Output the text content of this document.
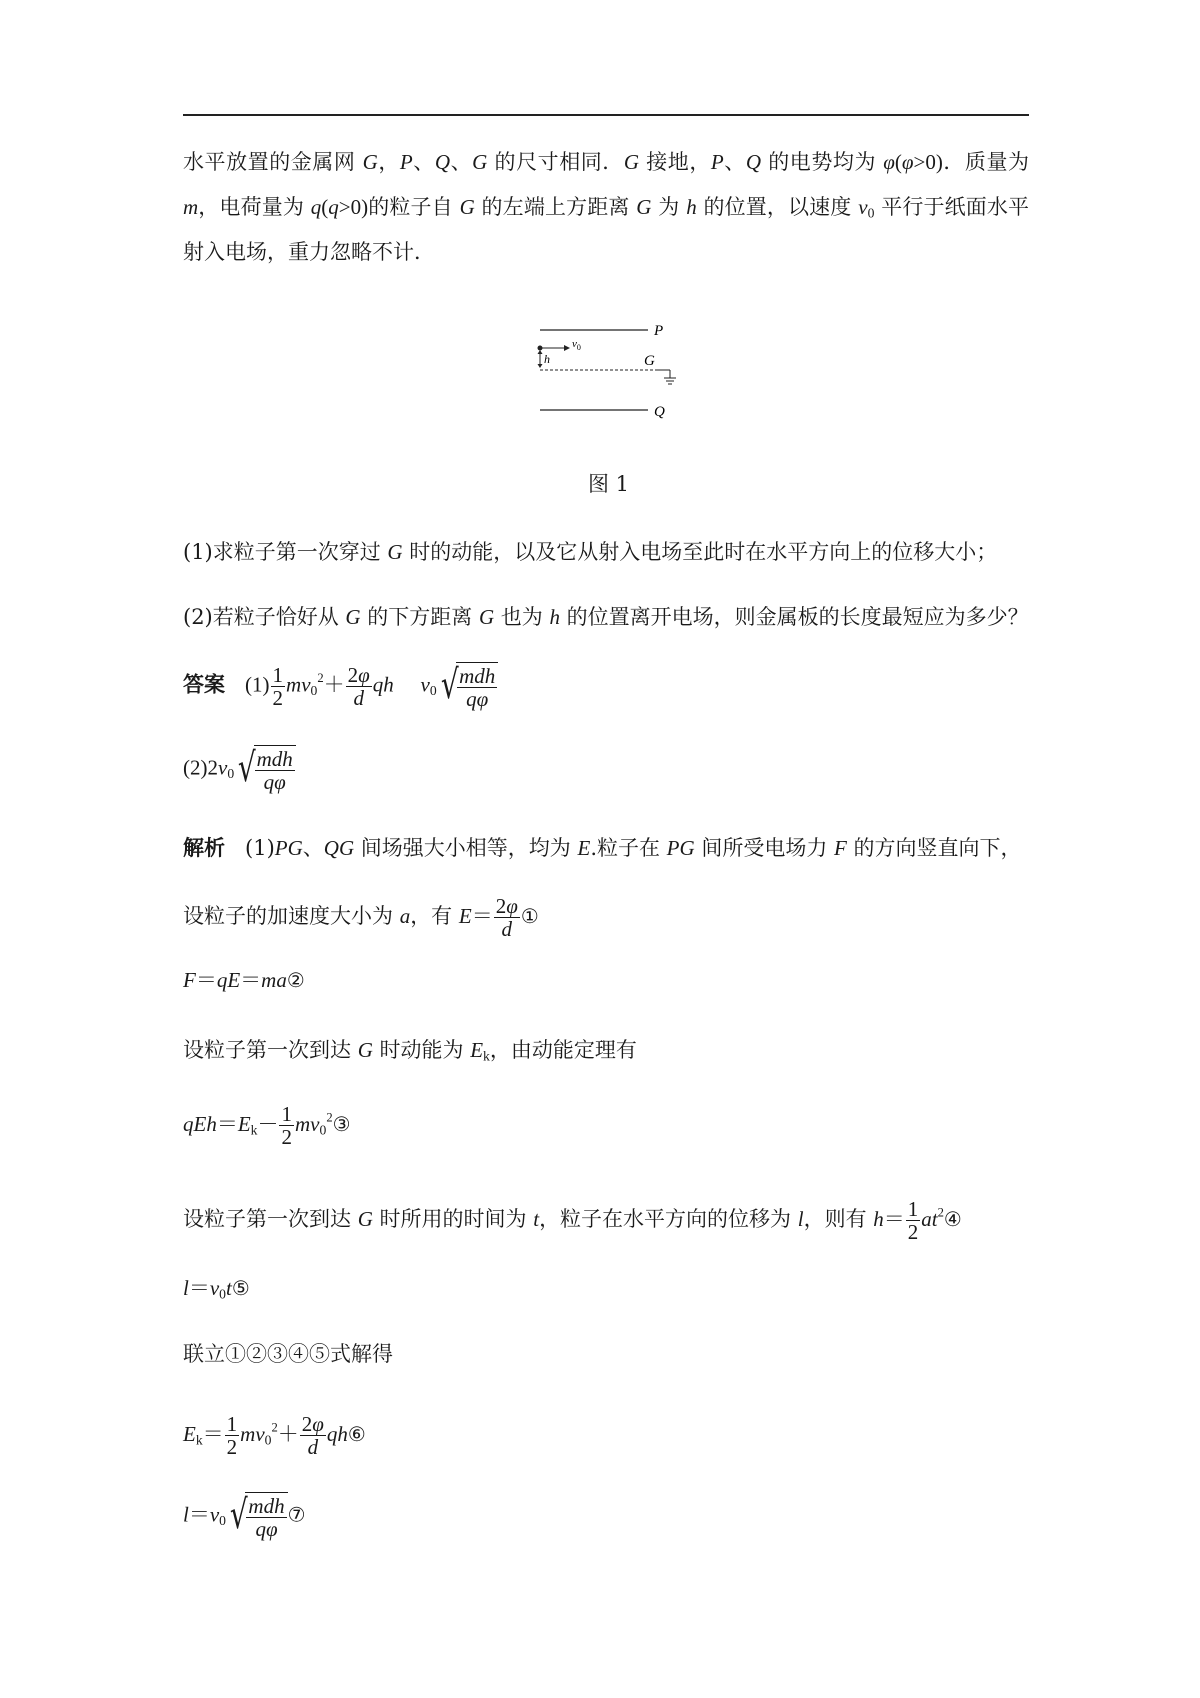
水平放置的金属网 G，P、Q、G 的尺寸相同．G 接地，P、Q 的电势均为 φ(φ>0)．质量为
m，电荷量为 q(q>0)的粒子自 G 的左端上方距离 G 为 h 的位置，以速度 $v_0$ 平行于纸面水平
射入电场，重力忽略不计．
P
$v_0$
h	G
Q
图 1
(1)求粒子第一次穿过 G 时的动能，以及它从射入电场至此时在水平方向上的位移大小；
(2)若粒子恰好从 G 的下方距离 G 也为 h 的位置离开电场，则金属板的长度最短应为多少？
答案 $(1) \frac{1}{2} mv_0^2+ \frac{2\varphi}{d}$ qh $v_0√$
$\frac{\text{mdh}}{q\varphi}$
$(2)2v_0√$
$\frac{\text{mdh}}{q\varphi}$
解析   (1)PG、QG 间场强大小相等，均为 E.粒子在 PG 间所受电场力 F 的方向竖直向下，
设粒子的加速度大小为 a，有 $E= \frac{2\varphi}{d}$ ①
F＝qE＝ma②
设粒子第一次到达 G 时动能为 $E_k$，由动能定理有
$qEh=E_k- \frac{1}{2}$ $mv_0^2③$
设粒子第一次到达 G 时所用的时间为 t，粒子在水平方向的位移为 l，则有 $h= \frac{1}{2}$ $at^2④$
$l=v_0t⑤$
联立①②③④⑤式解得
$E_k= \frac{1}{2} mv_0^2+ \frac{2\varphi}{d}$ qh⑥
$l=v_0√$
$\frac{\text{mdh}}{q\varphi}$ ⑦
